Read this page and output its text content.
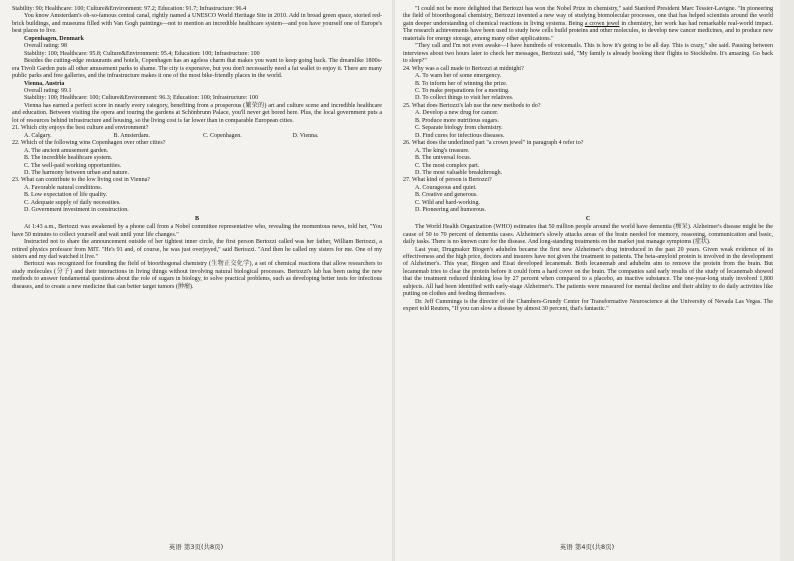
Stability: 90; Healthcare: 100; Culture&Environment: 97.2; Education: 91.7; Infrastructure: 96.4

You know Amsterdam's oh-so-famous central canal, rightly named a UNESCO World Heritage Site in 2010. Add in broad green space, storied red-brick buildings, and museums filled with Van Gogh paintings—not to mention an incredible healthcare system—and you have yourself one of Europe's best places to live.

Copenhagen, Denmark

Overall rating: 98

Stability: 100; Healthcare: 95.8; Culture&Environment: 95.4; Education: 100; Infrastructure: 100

Besides the cutting-edge restaurants and hotels, Copenhagen has an ageless charm that makes you want to keep going back. The dreamlike 1800s-era Tivoli Garden puts all other amusement parks to shame. The city is expensive, but you don't necessarily need a fat wallet to enjoy it. There are many public parks and free galleries, and the infrastructure makes it one of the most bike-friendly places in the world.

Vienna, Austria

Overall rating: 99.1

Stability: 100; Healthcare: 100; Culture&Environment: 96.3; Education: 100; Infrastructure: 100

Vienna has earned a perfect score in nearly every category, benefiting from a prosperous (繁荣的) art and culture scene and incredible healthcare and education. Between visiting the opera and touring the gardens at Schönbrunn Palace, you'll never get bored here. Plus, the local government puts a lot of resources behind infrastructure and housing, so the living cost is far lower than in comparable European cities.

21. Which city enjoys the best culture and environment?

A. Calgary.	B. Amsterdam.	C. Copenhagen.	D. Vienna.

22. Which of the following wins Copenhagen over other cities?

A. The ancient amusement garden.

B. The incredible healthcare system.

C. The well-paid working opportunities.

D. The harmony between urban and nature.

23. What can contribute to the low living cost in Vienna?

A. Favorable natural conditions.

B. Low expectation of life quality.

C. Adequate supply of daily necessities.

D. Government investment in construction.

B

At 1:43 a.m., Bertozzi was awakened by a phone call from a Nobel committee representative who, revealing the momentous news, told her, "You have 50 minutes to collect yourself and wait until your life changes."

Instructed not to share the announcement outside of her tightest inner circle, the first person Bertozzi called was her father, William Bertozzi, a retired physics professor from MIT. "He's 91 and, of course, he was just overjoyed," said Bertozzi. "And then he called my sisters for me. One of my sisters and my dad watched it live."

Bertozzi was recognized for founding the field of bioorthogonal chemistry (生物正交化学), a set of chemical reactions that allow researchers to study molecules (分子) and their interactions in living things without involving natural biological processes. Bertozzi's lab has been using the new methods to answer fundamental questions about the role of sugars in biology, to solve practical problems, such as developing better tests for infectious diseases, and to create a new medicine that can better target tumors (肿瘤).

英语 第3页(共8页)

"I could not be more delighted that Bertozzi has won the Nobel Prize in chemistry," said Stanford President Marc Tessier-Lavigne. "In pioneering the field of bioorthogonal chemistry, Bertozzi invented a new way of studying biomolecular processes, one that has helped scientists around the world gain deeper understanding of chemical reactions in living systems. Being a crown jewel in chemistry, her work has had remarkable real-world impact. The research achievements have been used to study how cells build proteins and other molecules, to develop new cancer medicines, and to produce new materials for energy storage, among many other applications."

"They call and I'm not even awake—I have hundreds of voicemails. This is how it's going to be all day. This is crazy," she said. Pausing between interviews about two hours later to check her messages, Bertozzi said, "My family is already booking their flights to Stockholm. It's amazing. Go back to sleep?"

24. Why was a call made to Bertozzi at midnight?

A. To warn her of some emergency.

B. To inform her of winning the prize.

C. To make preparations for a meeting.

D. To collect things to visit her relatives.

25. What does Bertozzi's lab use the new methods to do?

A. Develop a new drug for cancer.

B. Produce more nutritious sugars.

C. Separate biology from chemistry.

D. Find cures for infectious diseases.

26. What does the underlined part "a crown jewel" in paragraph 4 refer to?

A. The king's treasure.

B. The universal focus.

C. The most complex part.

D. The most valuable breakthrough.

27. What kind of person is Bertozzi?

A. Courageous and quiet.

B. Creative and generous.

C. Wild and hard-working.

D. Pioneering and humorous.

C

The World Health Organization (WHO) estimates that 50 million people around the world have dementia (痴呆). Alzheimer's disease might be the cause of 50 to 70 percent of dementia cases. Alzheimer's slowly attacks areas of the brain needed for memory, reasoning, communication and basic, daily tasks. There is no known cure for the disease. And long-standing treatments on the market just manage symptoms (症状).

Last year, Drugmaker Biogen's aduhelm became the first new Alzheimer's drug introduced in the past 20 years. Given weak evidence of its effectiveness and the high price, doctors and insurers have not given the treatment to patients. The beta-amyloid protein is involved in the development of Alzheimer's. This year, Biogen and Eisai developed lecanemab. Both lecanemab and aduhelm aim to remove the protein from the brain. But lecanemab tries to clear the protein before it could form a hard cover on the brain. The companies said early results of the study of lecanemab showed that the treatment reduced thinking loss by 27 percent when compared to a placebo, an inactive substance. The one-year-long study involved 1,800 subjects. All had been identified with early-stage Alzheimer's. The patients were measured for mental decline and their ability to do daily activities like putting on clothes and feeding themselves.

Dr. Jeff Cummings is the director of the Chambers-Grundy Center for Transformative Neuroscience at the University of Nevada Las Vegas. The expert told Reuters, "If you can slow a disease by almost 30 percent, that's fantastic."

英语 第4页(共8页)
